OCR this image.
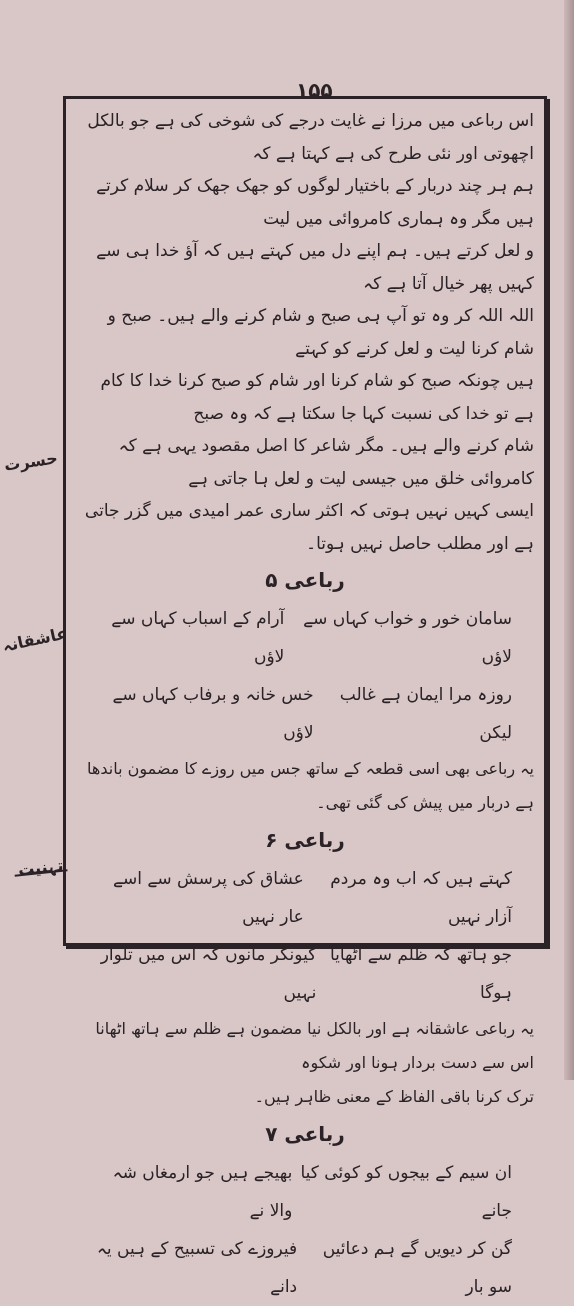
۱۵۵
حسرت
عاشقانہ
تہنیت

اس رباعی میں مرزا نے غایت درجے کی شوخی کی ہے جو بالکل اچھوتی اور نئی طرح کی ہے کہتا ہے کہ

ہم ہر چند دربار کے باختیار لوگوں کو جھک جھک کر سلام کرتے ہیں مگر وہ ہماری کامروائی میں لیت

و لعل کرتے ہیں۔ ہم اپنے دل میں کہتے ہیں کہ آؤ خدا ہی سے کہیں پھر خیال آتا ہے کہ

اللہ اللہ کر وہ تو آپ ہی صبح و شام کرنے والے ہیں۔ صبح و شام کرنا لیت و لعل کرنے کو کہتے

ہیں چونکہ صبح کو شام کرنا اور شام کو صبح کرنا خدا کا کام ہے تو خدا کی نسبت کہا جا سکتا ہے کہ وہ صبح

شام کرنے والے ہیں۔ مگر شاعر کا اصل مقصود یہی ہے کہ کامروائی خلق میں جیسی لیت و لعل ہا جاتی ہے

ایسی کہیں نہیں ہوتی کہ اکثر ساری عمر امیدی میں گزر جاتی ہے اور مطلب حاصل نہیں ہوتا۔

رباعی ۵

سامان خور و خواب کہاں سے لاؤں
آرام کے اسباب کہاں سے لاؤں
روزہ مرا ایمان ہے غالب لیکن
خس خانہ و برفاب کہاں سے لاؤں

یہ رباعی بھی اسی قطعہ کے ساتھ جس میں روزے کا مضمون باندھا ہے دربار میں پیش کی گئی تھی۔

رباعی ۶

کہتے ہیں کہ اب وہ مردم آزار نہیں
عشاق کی پرسش سے اسے عار نہیں
جو ہاتھ کہ ظلم سے اٹھایا ہوگا
کیونکر مانوں کہ اس میں تلوار نہیں

یہ رباعی عاشقانہ ہے اور بالکل نیا مضمون ہے ظلم سے ہاتھ اٹھانا اس سے دست بردار ہونا اور شکوہ

ترک کرنا باقی الفاظ کے معنی ظاہر ہیں۔

رباعی ۷

ان سیم کے بیجوں کو کوئی کیا جانے
بھیجے ہیں جو ارمغاں شہ والا نے
گن کر دیویں گے ہم دعائیں سو بار
فیروزے کی تسبیح کے ہیں یہ دانے
